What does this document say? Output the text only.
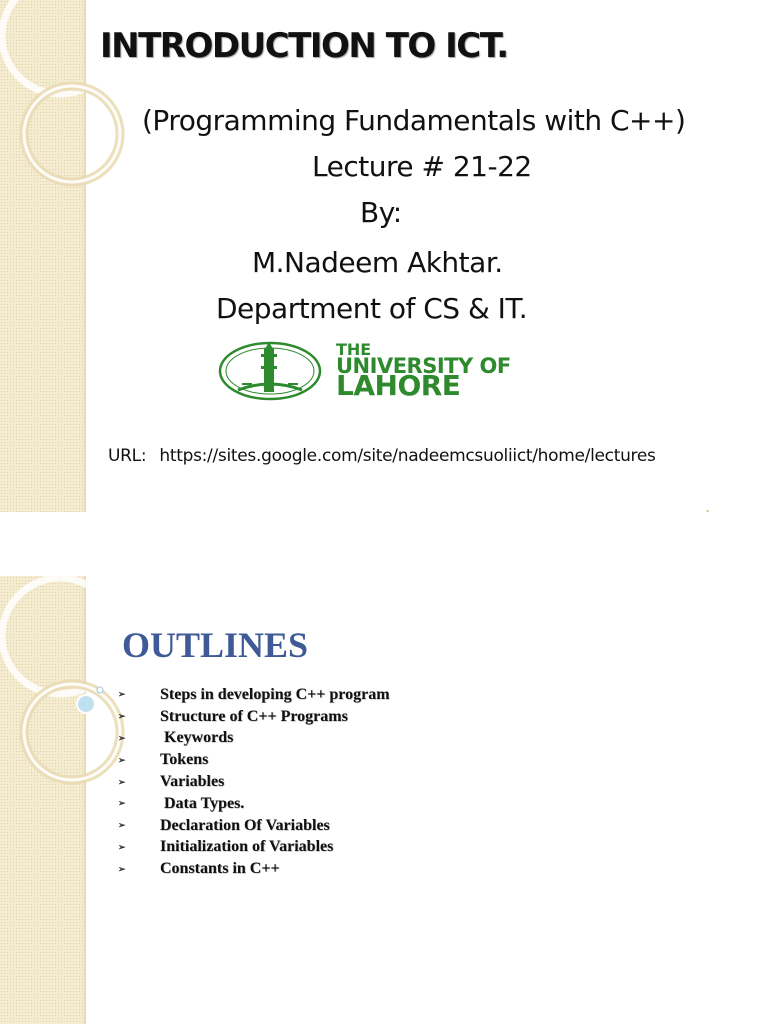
INTRODUCTION TO ICT.
(Programming Fundamentals with C++)
Lecture # 21-22
By:
M.Nadeem Akhtar.
Department of CS & IT.
THE
UNIVERSITY OF
LAHORE
URL: https://sites.google.com/site/nadeemcsuoliict/home/lectures
OUTLINES
➢	Steps in developing C++ program
➢	Structure of C++ Programs
➢	Keywords
➢	Tokens
➢	Variables
➢	Data Types.
➢	Declaration Of Variables
➢	Initialization of Variables
➢	Constants in C++
